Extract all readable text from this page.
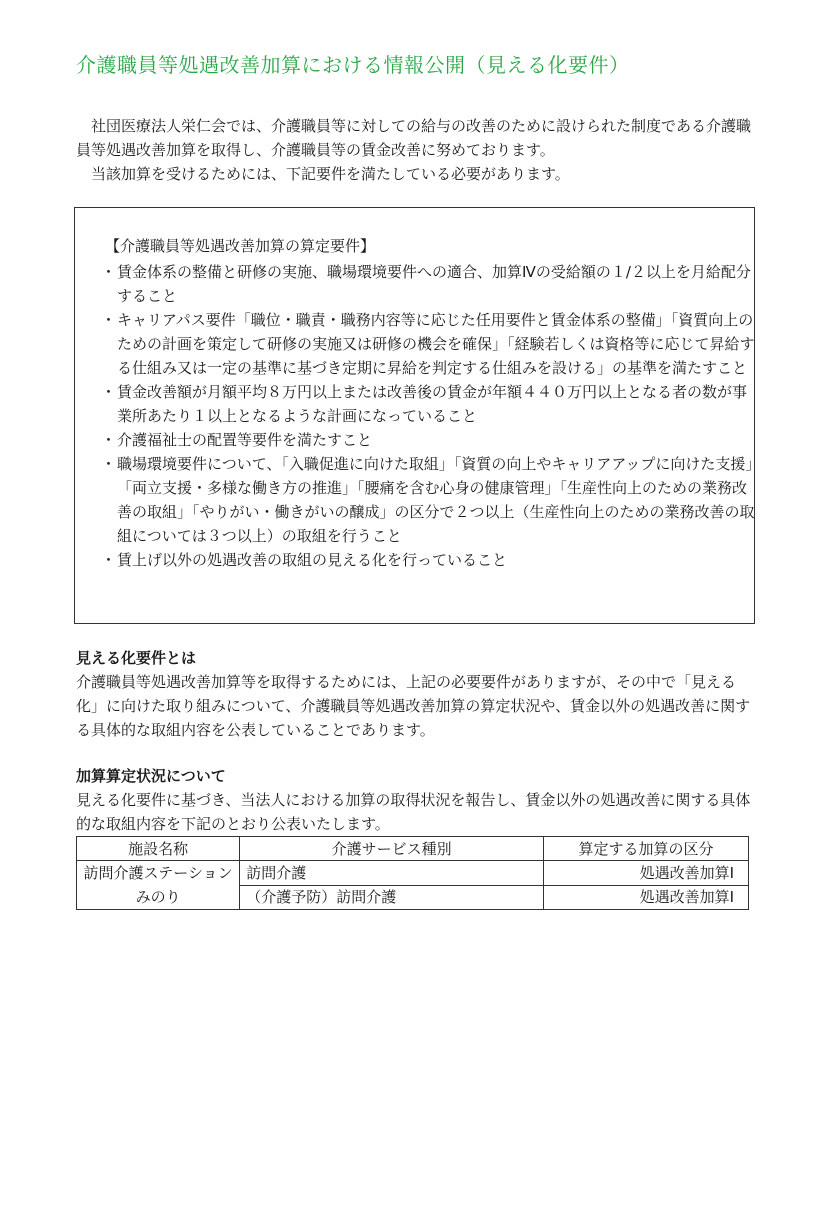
介護職員等処遇改善加算における情報公開（見える化要件）

社団医療法人栄仁会では、介護職員等に対しての給与の改善のために設けられた制度である介護職員等処遇改善加算を取得し、介護職員等の賃金改善に努めております。

当該加算を受けるためには、下記要件を満たしている必要があります。

【介護職員等処遇改善加算の算定要件】

・ 賃金体系の整備と研修の実施、職場環境要件への適合、加算Ⅳの受給額の１/２以上を月給配分すること
・ キャリアパス要件「職位・職責・職務内容等に応じた任用要件と賃金体系の整備」「資質向上のための計画を策定して研修の実施又は研修の機会を確保」「経験若しくは資格等に応じて昇給する仕組み又は一定の基準に基づき定期に昇給を判定する仕組みを設ける」の基準を満たすこと
・ 賃金改善額が月額平均８万円以上または改善後の賃金が年額４４０万円以上となる者の数が事業所あたり１以上となるような計画になっていること
・ 介護福祉士の配置等要件を満たすこと
・ 職場環境要件について、「入職促進に向けた取組」「資質の向上やキャリアアップに向けた支援」「両立支援・多様な働き方の推進」「腰痛を含む心身の健康管理」「生産性向上のための業務改善の取組」「やりがい・働きがいの醸成」の区分で２つ以上（生産性向上のための業務改善の取組については３つ以上）の取組を行うこと
・ 賃上げ以外の処遇改善の取組の見える化を行っていること
見える化要件とは

介護職員等処遇改善加算等を取得するためには、上記の必要要件がありますが、その中で「見える化」に向けた取り組みについて、介護職員等処遇改善加算の算定状況や、賃金以外の処遇改善に関する具体的な取組内容を公表していることであります。

加算算定状況について

見える化要件に基づき、当法人における加算の取得状況を報告し、賃金以外の処遇改善に関する具体的な取組内容を下記のとおり公表いたします。

施設名称	介護サービス種別	算定する加算の区分
訪問介護ステーションみのり	訪問介護	処遇改善加算Ⅰ
	（介護予防）訪問介護	処遇改善加算Ⅰ
